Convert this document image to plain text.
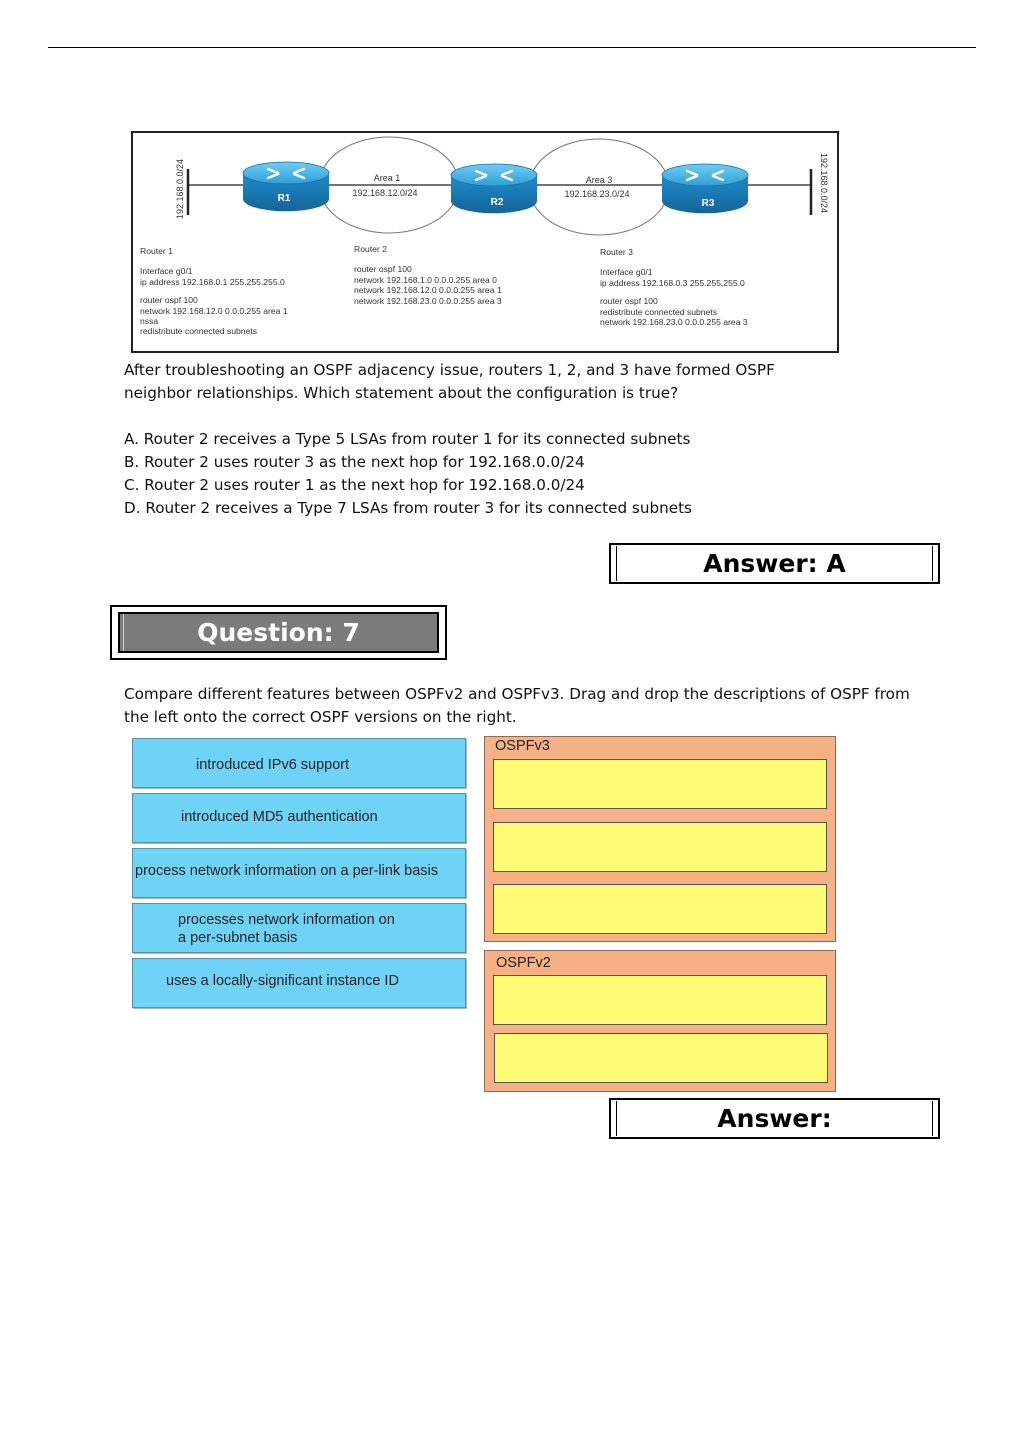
192.168.0.0/24	192.168.0.0/24
Area 1
192.168.12.0/24
Area 3
192.168.23.0/24
R1	R2	R3
Router 1
Interface g0/1
ip address 192.168.0.1 255.255.255.0
router ospf 100
network 192.168.12.0 0.0.0.255 area 1
nssa
redistribute connected subnets
Router 2
router ospf 100
network 192.168.1.0 0.0.0.255 area 0
network 192.168.12.0 0.0.0.255 area 1
network 192.168.23.0 0.0.0.255 area 3
Router 3
Interface g0/1
ip address 192.168.0.3 255.255.255.0
router ospf 100
redistribute connected subnets
network 192.168.23.0 0.0.0.255 area 3
After troubleshooting an OSPF adjacency issue, routers 1, 2, and 3 have formed OSPF
neighbor relationships. Which statement about the configuration is true?
A. Router 2 receives a Type 5 LSAs from router 1 for its connected subnets
B. Router 2 uses router 3 as the next hop for 192.168.0.0/24
C. Router 2 uses router 1 as the next hop for 192.168.0.0/24
D. Router 2 receives a Type 7 LSAs from router 3 for its connected subnets
Answer: A
Question: 7
Compare different features between OSPFv2 and OSPFv3. Drag and drop the descriptions of OSPF from
the left onto the correct OSPF versions on the right.
introduced IPv6 support
introduced MD5 authentication
process network information on a per-link basis
processes network information on
a per-subnet basis
uses a locally-significant instance ID
OSPFv3
OSPFv2
Answer:
